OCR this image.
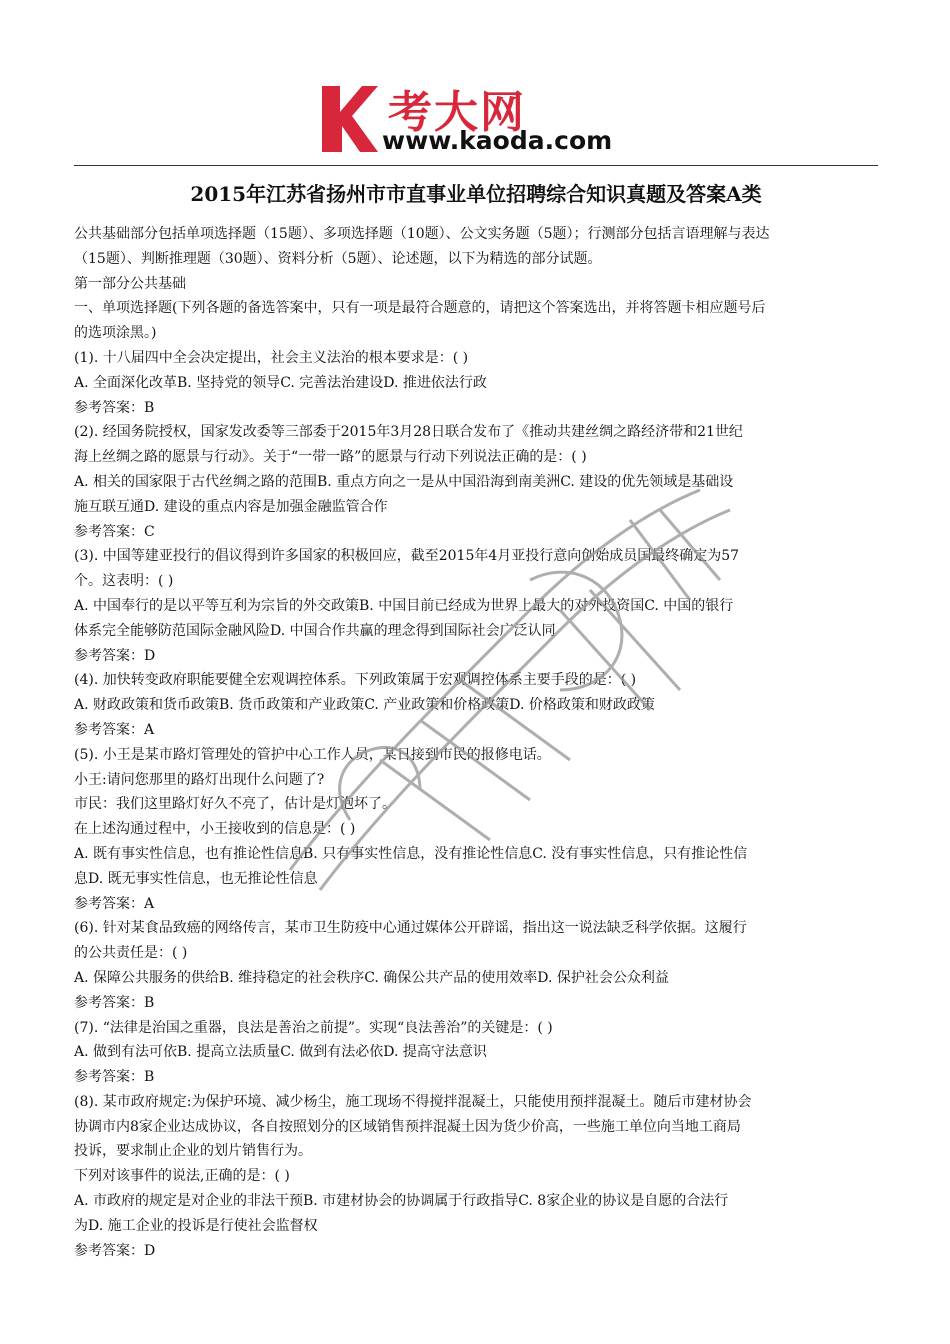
考大网
www.kaoda.com
2015年江苏省扬州市市直事业单位招聘综合知识真题及答案A类
公共基础部分包括单项选择题（15题）、多项选择题（10题）、公文实务题（5题）；行测部分包括言语理解与表达
（15题）、判断推理题（30题）、资料分析（5题）、论述题，以下为精选的部分试题。
第一部分公共基础
一、单项选择题(下列各题的备选答案中，只有一项是最符合题意的，请把这个答案选出，并将答题卡相应题号后
的选项涂黑。)
(1). 十八届四中全会决定提出，社会主义法治的根本要求是：( )
A. 全面深化改革B. 坚持党的领导C. 完善法治建设D. 推进依法行政
参考答案：B
(2). 经国务院授权，国家发改委等三部委于2015年3月28日联合发布了《推动共建丝绸之路经济带和21世纪
海上丝绸之路的愿景与行动》。关于“一带一路”的愿景与行动下列说法正确的是：( )
A. 相关的国家限于古代丝绸之路的范围B. 重点方向之一是从中国沿海到南美洲C. 建设的优先领域是基础设
施互联互通D. 建设的重点内容是加强金融监管合作
参考答案：C
(3). 中国等建亚投行的倡议得到许多国家的积极回应，截至2015年4月亚投行意向创始成员国最终确定为57
个。这表明：( )
A. 中国奉行的是以平等互利为宗旨的外交政策B. 中国目前已经成为世界上最大的对外投资国C. 中国的银行
体系完全能够防范国际金融风险D. 中国合作共赢的理念得到国际社会广泛认同
参考答案：D
(4). 加快转变政府职能要健全宏观调控体系。下列政策属于宏观调控体系主要手段的是：( )
A. 财政政策和货币政策B. 货币政策和产业政策C. 产业政策和价格政策D. 价格政策和财政政策
参考答案：A
(5). 小王是某市路灯管理处的管护中心工作人员，某日接到市民的报修电话。
小王:请问您那里的路灯出现什么问题了?
市民：我们这里路灯好久不亮了，估计是灯泡坏了。
在上述沟通过程中，小王接收到的信息是：( )
A. 既有事实性信息，也有推论性信息B. 只有事实性信息，没有推论性信息C. 没有事实性信息，只有推论性信
息D. 既无事实性信息，也无推论性信息
参考答案：A
(6). 针对某食品致癌的网络传言，某市卫生防疫中心通过媒体公开辟谣，指出这一说法缺乏科学依据。这履行
的公共责任是：( )
A. 保障公共服务的供给B. 维持稳定的社会秩序C. 确保公共产品的使用效率D. 保护社会公众利益
参考答案：B
(7). “法律是治国之重器，良法是善治之前提”。实现“良法善治”的关键是：( )
A. 做到有法可依B. 提高立法质量C. 做到有法必依D. 提高守法意识
参考答案：B
(8). 某市政府规定:为保护环境、减少杨尘，施工现场不得搅拌混凝土，只能使用预拌混凝土。随后市建材协会
协调市内8家企业达成协议，各自按照划分的区域销售预拌混凝土因为货少价高，一些施工单位向当地工商局
投诉，要求制止企业的划片销售行为。
下列对该事件的说法,正确的是：( )
A. 市政府的规定是对企业的非法干预B. 市建材协会的协调属于行政指导C. 8家企业的协议是自愿的合法行
为D. 施工企业的投诉是行使社会监督权
参考答案：D
